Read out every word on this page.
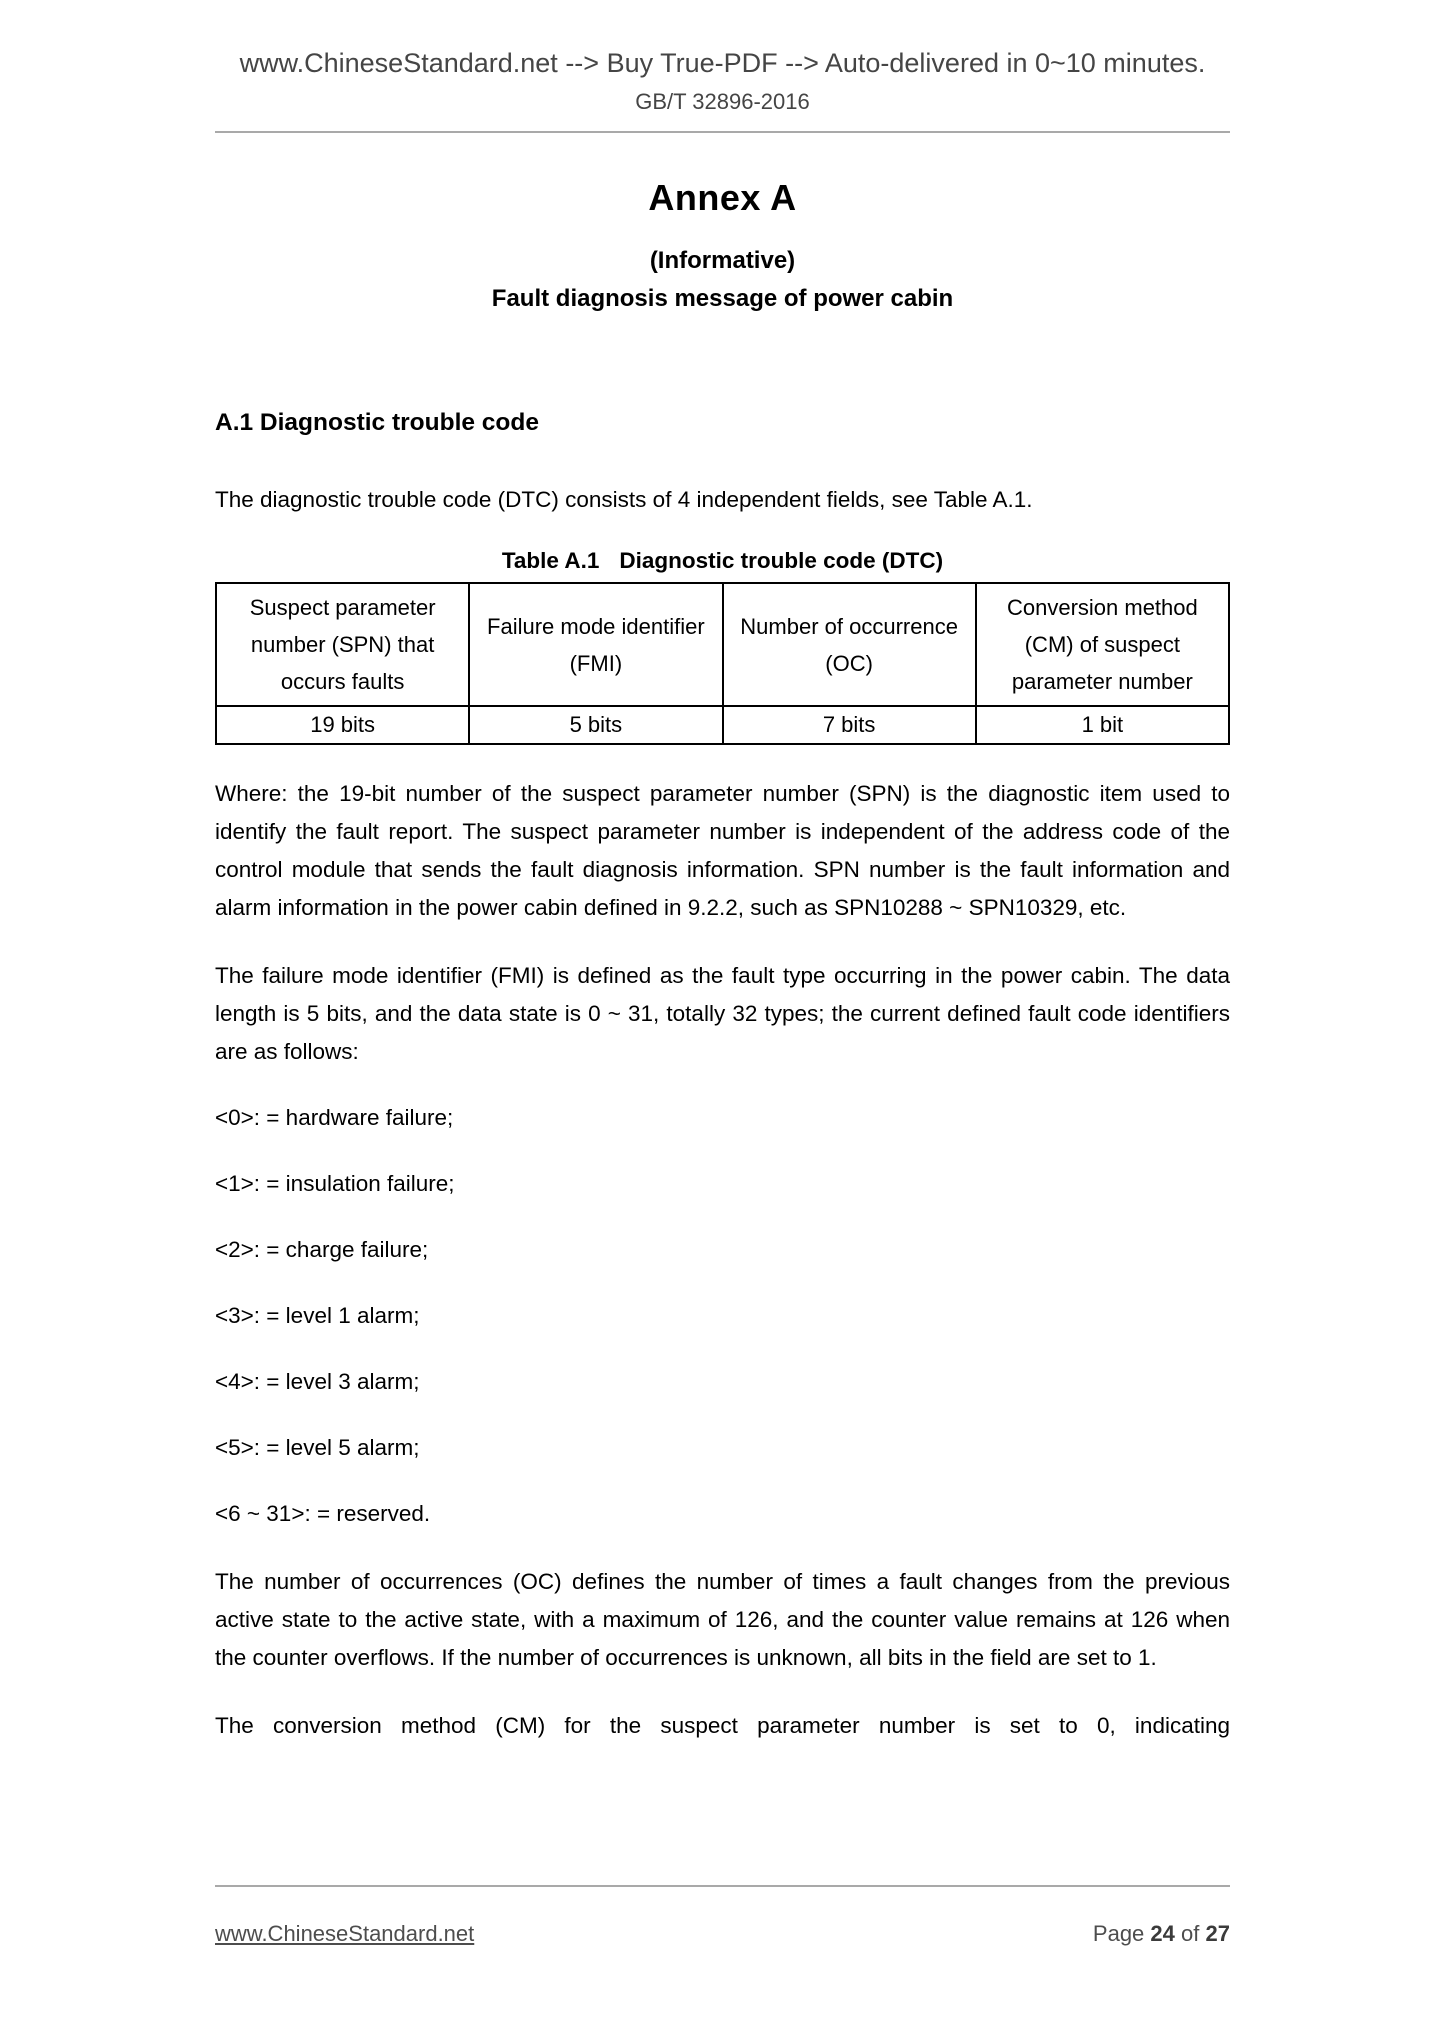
www.ChineseStandard.net --> Buy True-PDF --> Auto-delivered in 0~10 minutes.
GB/T 32896-2016
Annex A
(Informative)
Fault diagnosis message of power cabin
A.1 Diagnostic trouble code

The diagnostic trouble code (DTC) consists of 4 independent fields, see Table A.1.

Table A.1 Diagnostic trouble code (DTC)
Suspect parameter number (SPN) that occurs faults	Failure mode identifier (FMI)	Number of occurrence (OC)	Conversion method (CM) of suspect parameter number
19 bits	5 bits	7 bits	1 bit

Where: the 19-bit number of the suspect parameter number (SPN) is the diagnostic item used to identify the fault report. The suspect parameter number is independent of the address code of the control module that sends the fault diagnosis information. SPN number is the fault information and alarm information in the power cabin defined in 9.2.2, such as SPN10288 ~ SPN10329, etc.

The failure mode identifier (FMI) is defined as the fault type occurring in the power cabin. The data length is 5 bits, and the data state is 0 ~ 31, totally 32 types; the current defined fault code identifiers are as follows:

<0>: = hardware failure;
<1>: = insulation failure;
<2>: = charge failure;
<3>: = level 1 alarm;
<4>: = level 3 alarm;
<5>: = level 5 alarm;
<6 ~ 31>: = reserved.

The number of occurrences (OC) defines the number of times a fault changes from the previous active state to the active state, with a maximum of 126, and the counter value remains at 126 when the counter overflows. If the number of occurrences is unknown, all bits in the field are set to 1.

The conversion method (CM) for the suspect parameter number is set to 0, indicating

www.ChineseStandard.net	Page 24 of 27
